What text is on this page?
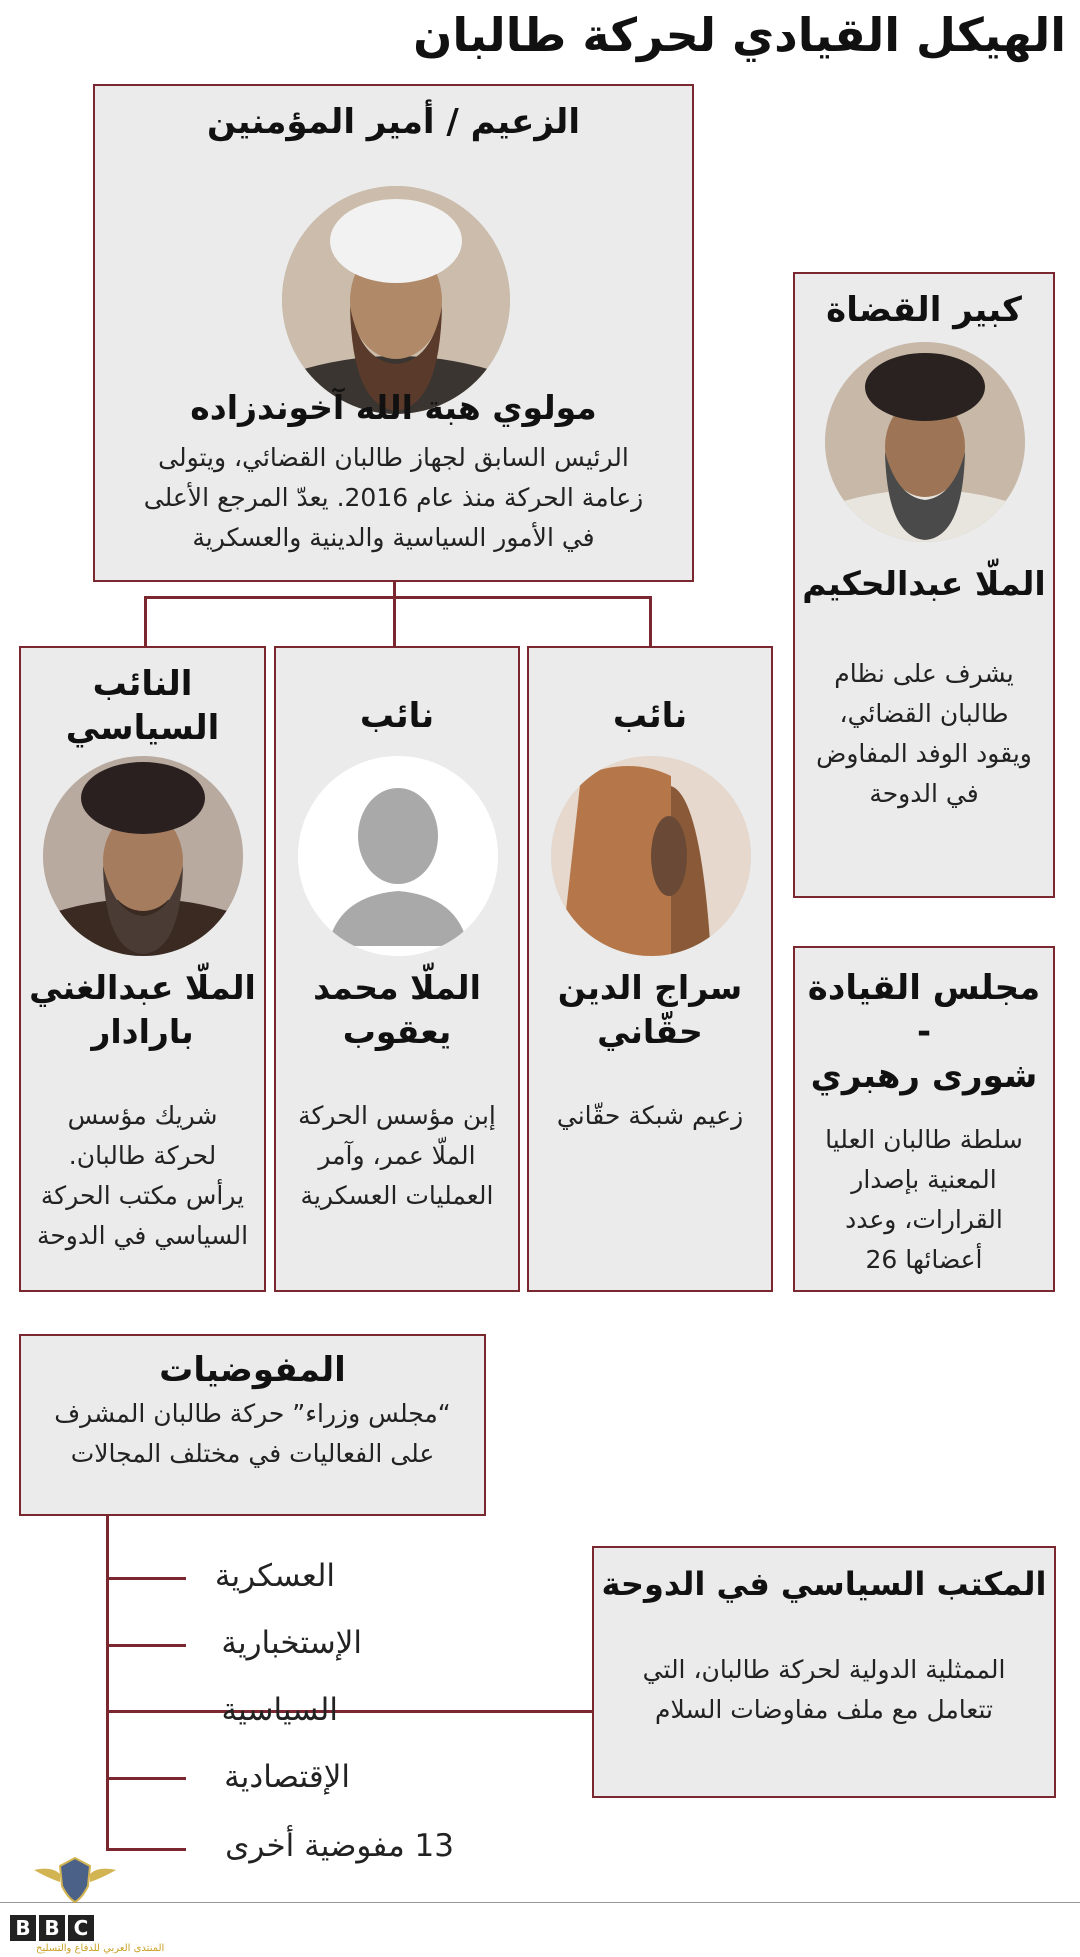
الهيكل القيادي لحركة طالبان
الزعيم / أمير المؤمنين
مولوي هبة الله آخوندزاده
الرئيس السابق لجهاز طالبان القضائي، ويتولى
زعامة الحركة منذ عام 2016. يعدّ المرجع الأعلى
في الأمور السياسية والدينية والعسكرية
كبير القضاة
الملّا عبدالحكيم
يشرف على نظام
طالبان القضائي،
ويقود الوفد المفاوض
في الدوحة
النائب
السياسي
الملّا عبدالغني
بارادار
شريك مؤسس
لحركة طالبان.
يرأس مكتب الحركة
السياسي في الدوحة
نائب
الملّا محمد
يعقوب
إبن مؤسس الحركة
الملّا عمر، وآمر
العمليات العسكرية
نائب
سراج الدين
حقّاني
زعيم شبكة حقّاني
مجلس القيادة -
شورى رهبري
سلطة طالبان العليا
المعنية بإصدار
القرارات، وعدد
أعضائها 26
المفوضيات
“مجلس وزراء” حركة طالبان المشرف
على الفعاليات في مختلف المجالات
العسكرية
الإستخبارية
السياسية
الإقتصادية
13 مفوضية أخرى
المكتب السياسي في الدوحة
الممثلية الدولية لحركة طالبان، التي
تتعامل مع ملف مفاوضات السلام
B B C
المنتدى العربي للدفاع والتسليح
